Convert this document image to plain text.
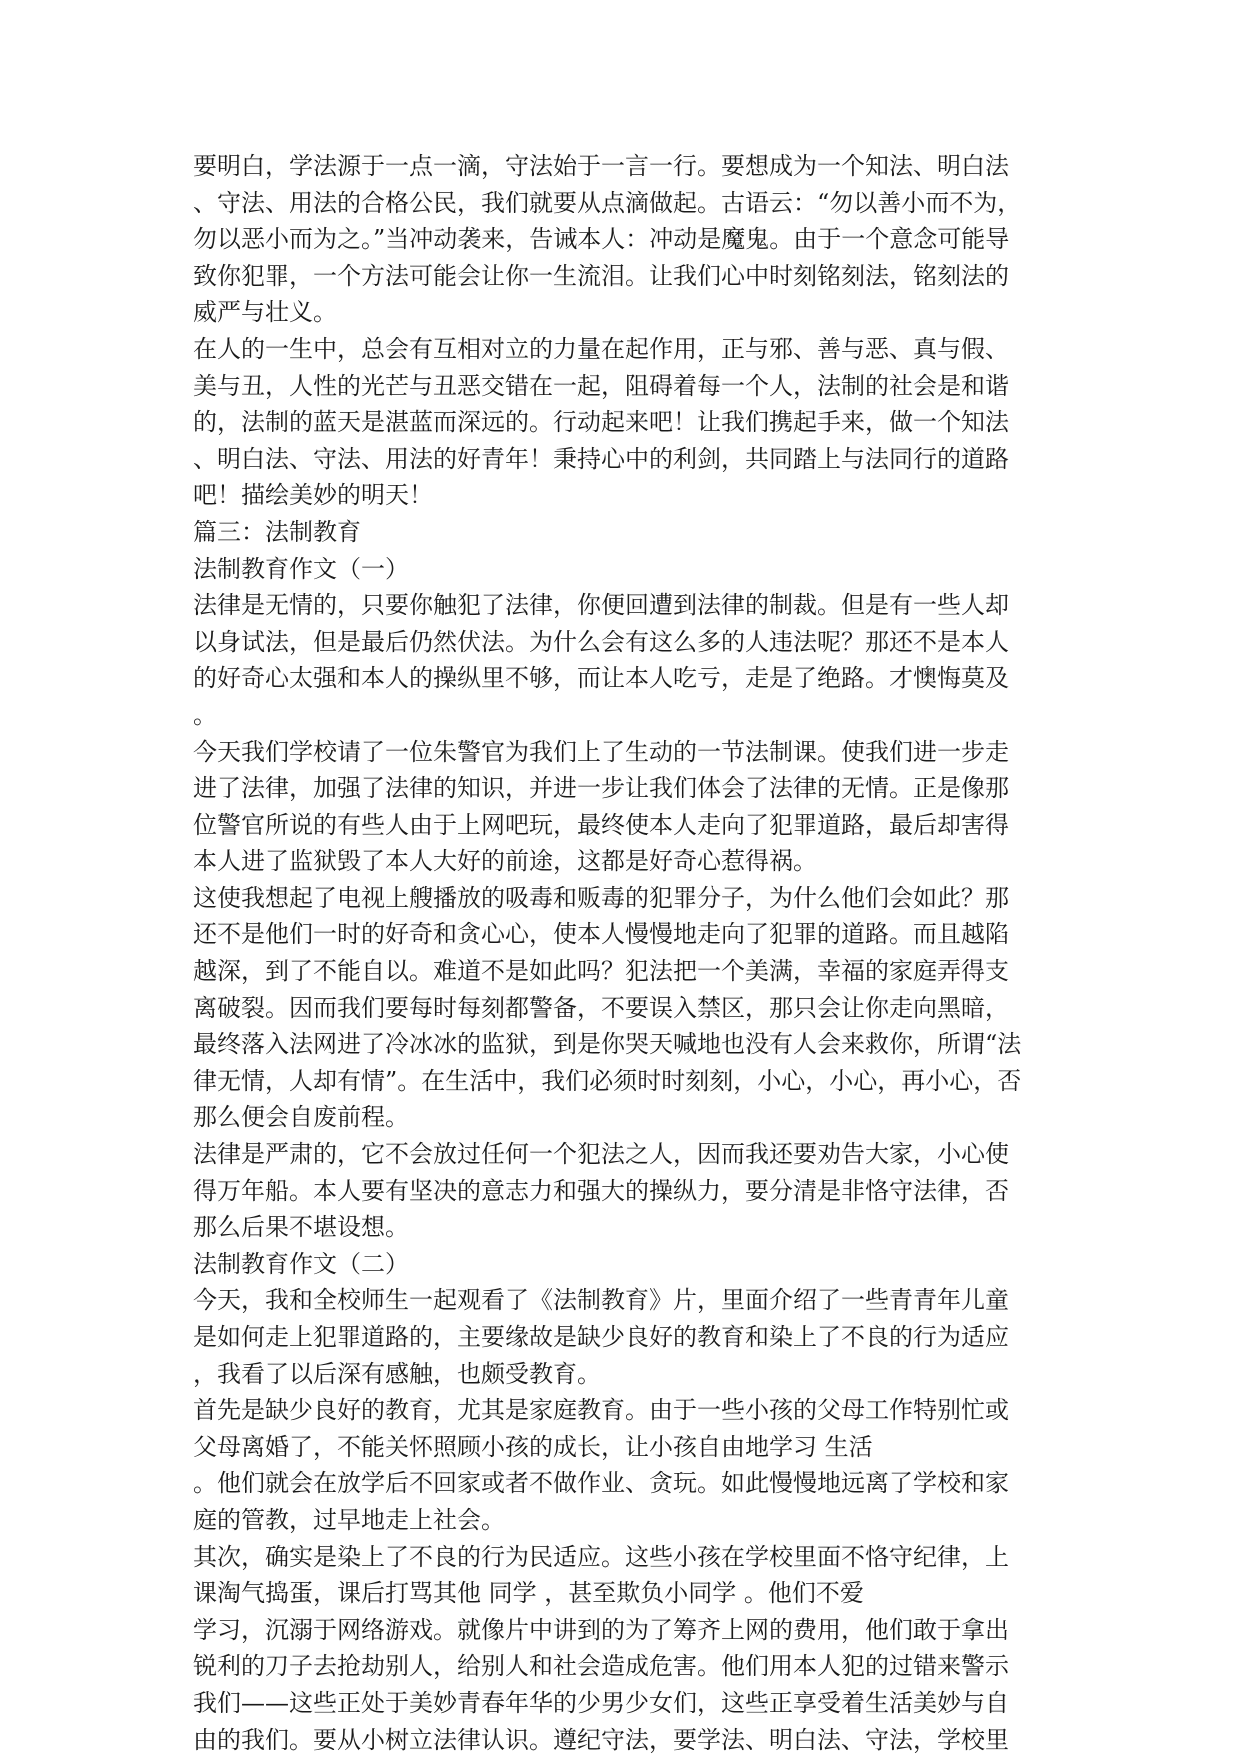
要明白，学法源于一点一滴，守法始于一言一行。要想成为一个知法、明白法
、守法、用法的合格公民，我们就要从点滴做起。古语云：“勿以善小而不为，
勿以恶小而为之。”当冲动袭来，告诫本人：冲动是魔鬼。由于一个意念可能导
致你犯罪，一个方法可能会让你一生流泪。让我们心中时刻铭刻法，铭刻法的
威严与壮义。
在人的一生中，总会有互相对立的力量在起作用，正与邪、善与恶、真与假、
美与丑，人性的光芒与丑恶交错在一起，阻碍着每一个人，法制的社会是和谐
的，法制的蓝天是湛蓝而深远的。行动起来吧！让我们携起手来，做一个知法
、明白法、守法、用法的好青年！秉持心中的利剑，共同踏上与法同行的道路
吧！描绘美妙的明天！
篇三：法制教育
法制教育作文（一）
法律是无情的，只要你触犯了法律，你便回遭到法律的制裁。但是有一些人却
以身试法，但是最后仍然伏法。为什么会有这么多的人违法呢？那还不是本人
的好奇心太强和本人的操纵里不够，而让本人吃亏，走是了绝路。才懊悔莫及
。
今天我们学校请了一位朱警官为我们上了生动的一节法制课。使我们进一步走
进了法律，加强了法律的知识，并进一步让我们体会了法律的无情。正是像那
位警官所说的有些人由于上网吧玩，最终使本人走向了犯罪道路，最后却害得
本人进了监狱毁了本人大好的前途，这都是好奇心惹得祸。
这使我想起了电视上艘播放的吸毒和贩毒的犯罪分子，为什么他们会如此？那
还不是他们一时的好奇和贪心心，使本人慢慢地走向了犯罪的道路。而且越陷
越深，到了不能自以。难道不是如此吗？犯法把一个美满，幸福的家庭弄得支
离破裂。因而我们要每时每刻都警备，不要误入禁区，那只会让你走向黑暗，
最终落入法网进了冷冰冰的监狱，到是你哭天喊地也没有人会来救你，所谓“法
律无情，人却有情”。在生活中，我们必须时时刻刻，小心，小心，再小心，否
那么便会自废前程。
法律是严肃的，它不会放过任何一个犯法之人，因而我还要劝告大家，小心使
得万年船。本人要有坚决的意志力和强大的操纵力，要分清是非恪守法律，否
那么后果不堪设想。
法制教育作文（二）
今天，我和全校师生一起观看了《法制教育》片，里面介绍了一些青青年儿童
是如何走上犯罪道路的，主要缘故是缺少良好的教育和染上了不良的行为适应
，我看了以后深有感触，也颇受教育。
首先是缺少良好的教育，尤其是家庭教育。由于一些小孩的父母工作特别忙或
父母离婚了，不能关怀照顾小孩的成长，让小孩自由地学习 生活
。他们就会在放学后不回家或者不做作业、贪玩。如此慢慢地远离了学校和家
庭的管教，过早地走上社会。
其次，确实是染上了不良的行为民适应。这些小孩在学校里面不恪守纪律，上
课淘气捣蛋，课后打骂其他 同学 ，甚至欺负小同学 。他们不爱
学习，沉溺于网络游戏。就像片中讲到的为了筹齐上网的费用，他们敢于拿出
锐利的刀子去抢劫别人，给别人和社会造成危害。他们用本人犯的过错来警示
我们——这些正处于美妙青春年华的少男少女们，这些正享受着生活美妙与自
由的我们。要从小树立法律认识。遵纪守法，要学法、明白法、守法，学校里
